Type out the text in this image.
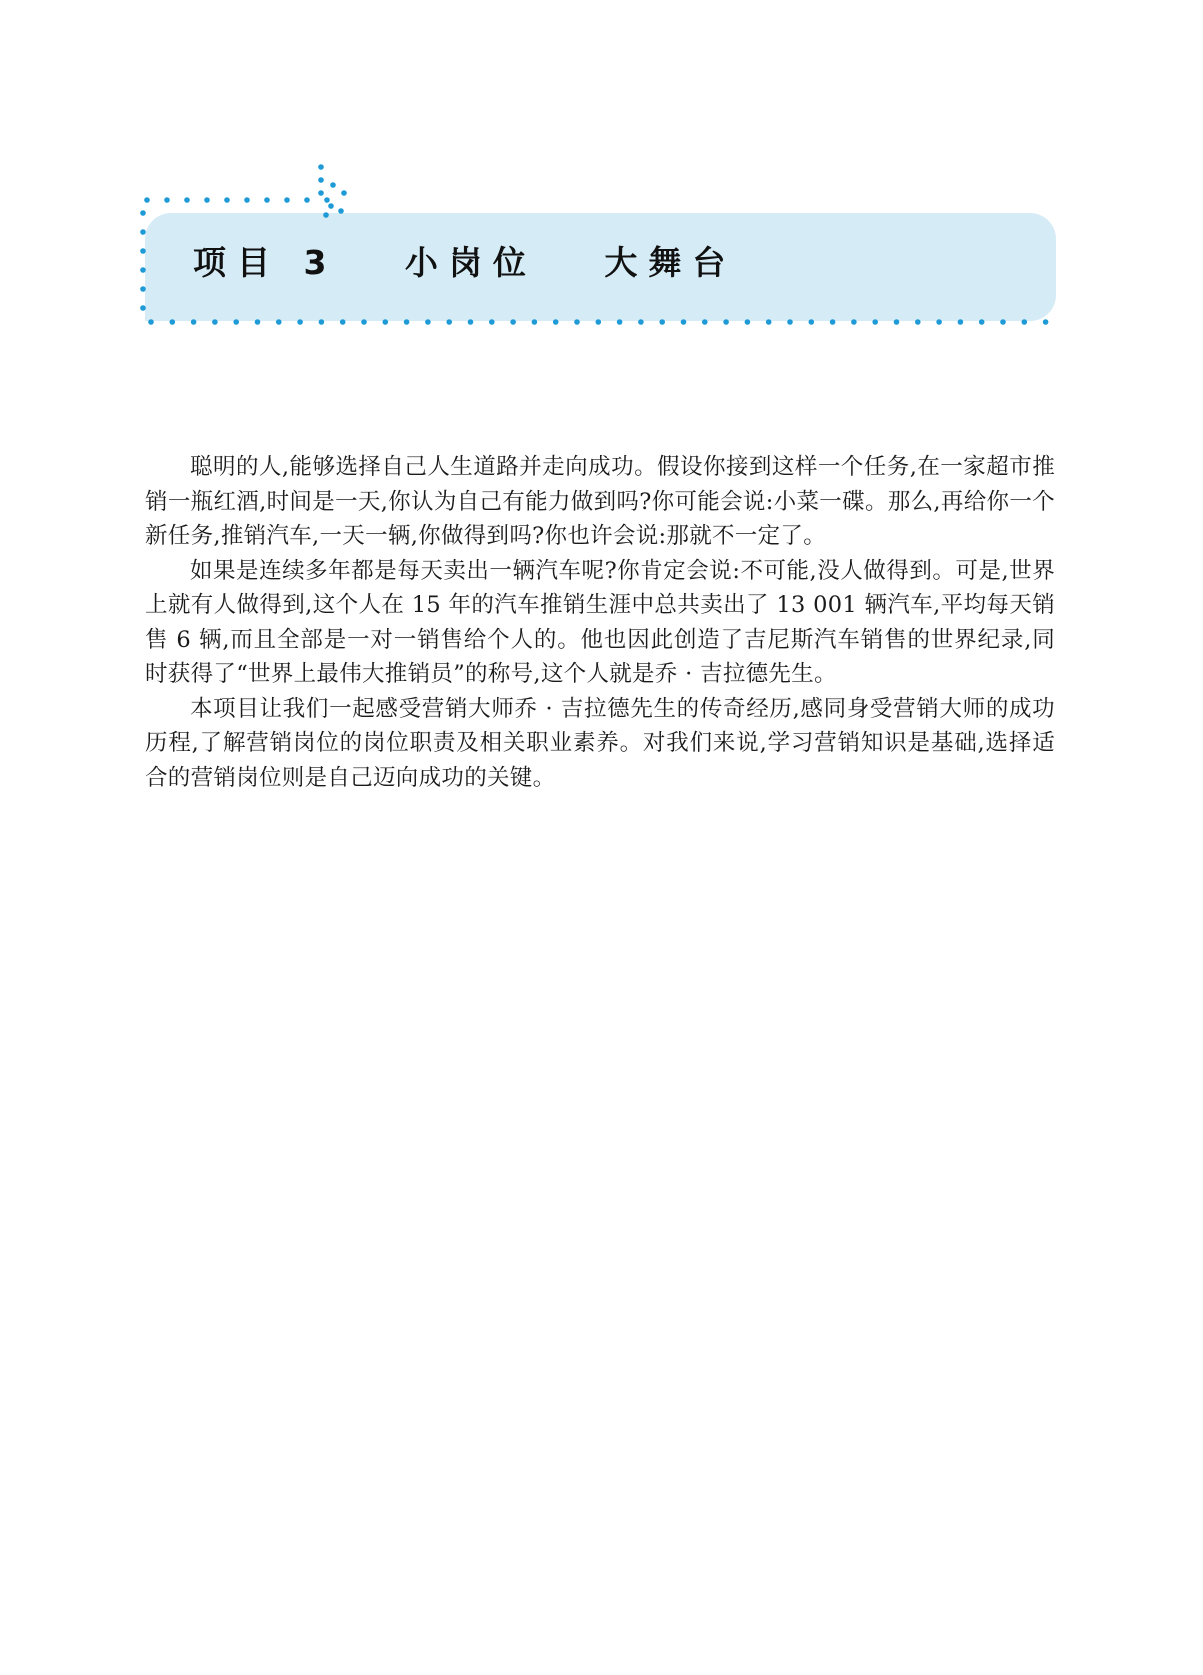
项目 3   小岗位   大舞台

聪明的人,能够选择自己人生道路并走向成功。假设你接到这样一个任务,在一家超市推销一瓶红酒,时间是一天,你认为自己有能力做到吗?你可能会说:小菜一碟。那么,再给你一个新任务,推销汽车,一天一辆,你做得到吗?你也许会说:那就不一定了。

如果是连续多年都是每天卖出一辆汽车呢?你肯定会说:不可能,没人做得到。可是,世界上就有人做得到,这个人在 15 年的汽车推销生涯中总共卖出了 13 001 辆汽车,平均每天销售 6 辆,而且全部是一对一销售给个人的。他也因此创造了吉尼斯汽车销售的世界纪录,同时获得了“世界上最伟大推销员”的称号,这个人就是乔 · 吉拉德先生。

本项目让我们一起感受营销大师乔 · 吉拉德先生的传奇经历,感同身受营销大师的成功历程,了解营销岗位的岗位职责及相关职业素养。对我们来说,学习营销知识是基础,选择适合的营销岗位则是自己迈向成功的关键。
